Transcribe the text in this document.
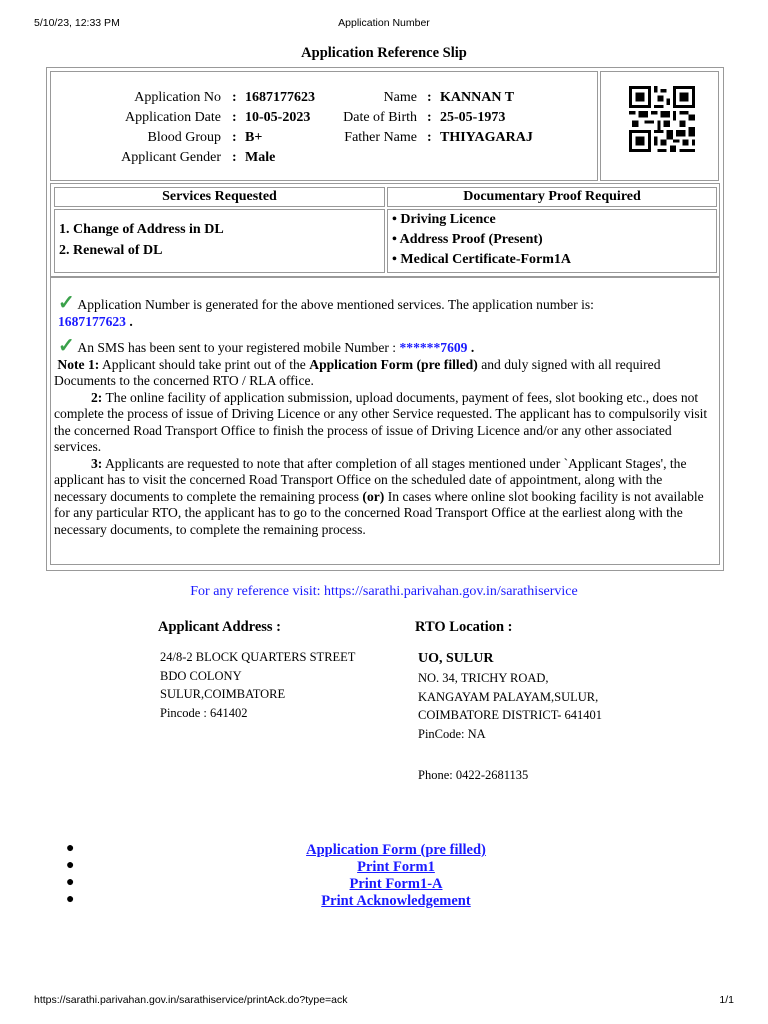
5/10/23, 12:33 PM	Application Number
Application Reference Slip
Application No : 1687177623
Application Date : 10-05-2023
Blood Group : B+
Applicant Gender : Male
Name : KANNAN T
Date of Birth : 25-05-1973
Father Name : THIYAGARAJ
Services Requested	Documentary Proof Required
1. Change of Address in DL
2. Renewal of DL
• Driving Licence
• Address Proof (Present)
• Medical Certificate-Form1A

✓ Application Number is generated for the above mentioned services. The application number is:
1687177623 .

✓ An SMS has been sent to your registered mobile Number : ******7609 .

Note 1: Applicant should take print out of the Application Form (pre filled) and duly signed with all required Documents to the concerned RTO / RLA office.

2: The online facility of application submission, upload documents, payment of fees, slot booking etc., does not complete the process of issue of Driving Licence or any other Service requested. The applicant has to compulsorily visit the concerned Road Transport Office to finish the process of issue of Driving Licence and/or any other associated services.

3: Applicants are requested to note that after completion of all stages mentioned under `Applicant Stages', the applicant has to visit the concerned Road Transport Office on the scheduled date of appointment, along with the necessary documents to complete the remaining process (or) In cases where online slot booking facility is not available for any particular RTO, the applicant has to go to the concerned Road Transport Office at the earliest along with the necessary documents, to complete the remaining process.

For any reference visit: https://sarathi.parivahan.gov.in/sarathiservice
Applicant Address :	RTO Location :
24/8-2 BLOCK QUARTERS STREET
BDO COLONY
SULUR,COIMBATORE
Pincode : 641402
UO, SULUR
NO. 34, TRICHY ROAD,
KANGAYAM PALAYAM,SULUR,
COIMBATORE DISTRICT- 641401
PinCode: NA
Phone: 0422-2681135
●	Application Form (pre filled)
●	Print Form1
●	Print Form1-A
●	Print Acknowledgement
https://sarathi.parivahan.gov.in/sarathiservice/printAck.do?type=ack	1/1
